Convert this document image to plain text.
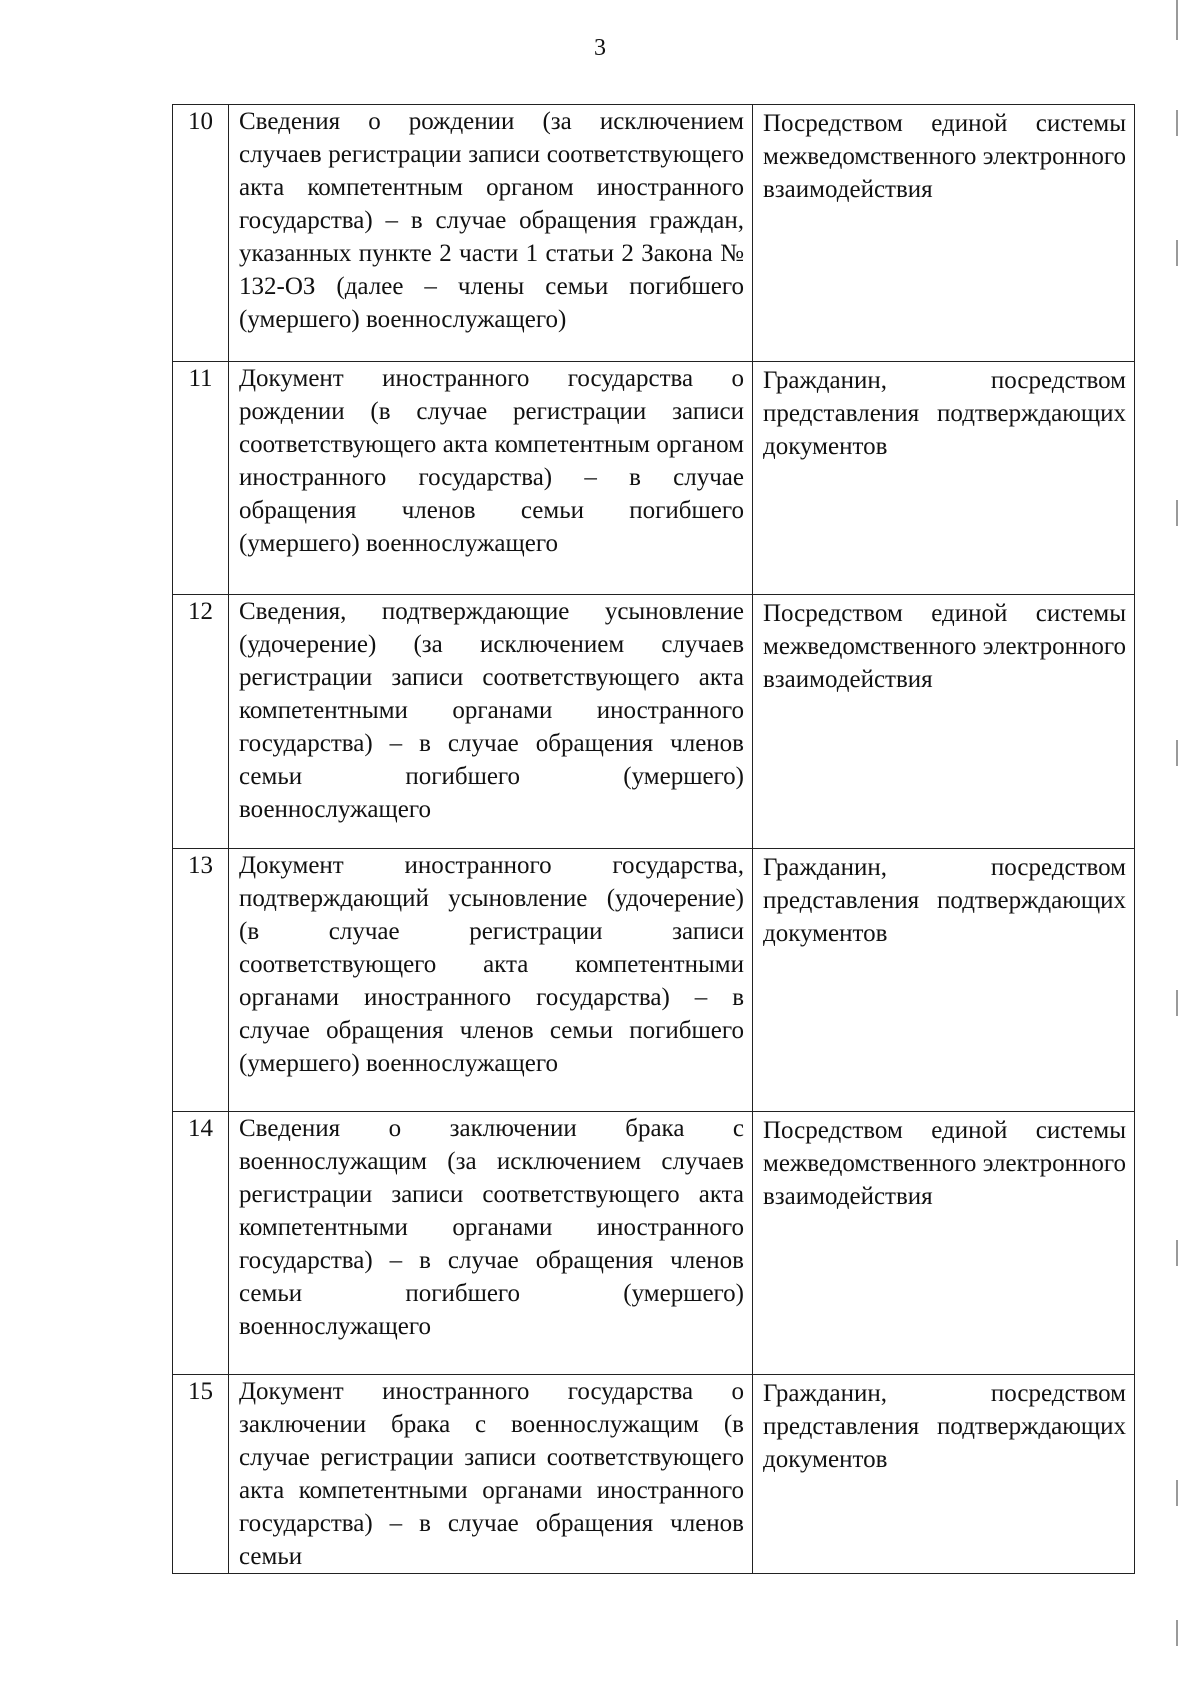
3
10	Сведения о рождении (за исключением случаев регистрации записи соответствующего акта компетентным органом иностранного государства) – в случае обращения граждан, указанных пункте 2 части 1 статьи 2 Закона № 132-ОЗ (далее – члены семьи погибшего (умершего) военнослужащего)	Посредством единой системы межведомственного электронного взаимодействия
11	Документ иностранного государства о рождении (в случае регистрации записи соответствующего акта компетентным органом иностранного государства) – в случае обращения членов семьи погибшего (умершего) военнослужащего	Гражданин, посредством представления подтверждающих документов
12	Сведения, подтверждающие усыновление (удочерение) (за исключением случаев регистрации записи соответствующего акта компетентными органами иностранного государства) – в случае обращения членов семьи погибшего (умершего) военнослужащего	Посредством единой системы межведомственного электронного взаимодействия
13	Документ иностранного государства, подтверждающий усыновление (удочерение) (в случае регистрации записи соответствующего акта компетентными органами иностранного государства) – в случае обращения членов семьи погибшего (умершего) военнослужащего	Гражданин, посредством представления подтверждающих документов
14	Сведения о заключении брака с военнослужащим (за исключением случаев регистрации записи соответствующего акта компетентными органами иностранного государства) – в случае обращения членов семьи погибшего (умершего) военнослужащего	Посредством единой системы межведомственного электронного взаимодействия
15	Документ иностранного государства о заключении брака с военнослужащим (в случае регистрации записи соответствующего акта компетентными органами иностранного государства) – в случае обращения членов семьи	Гражданин, посредством представления подтверждающих документов
